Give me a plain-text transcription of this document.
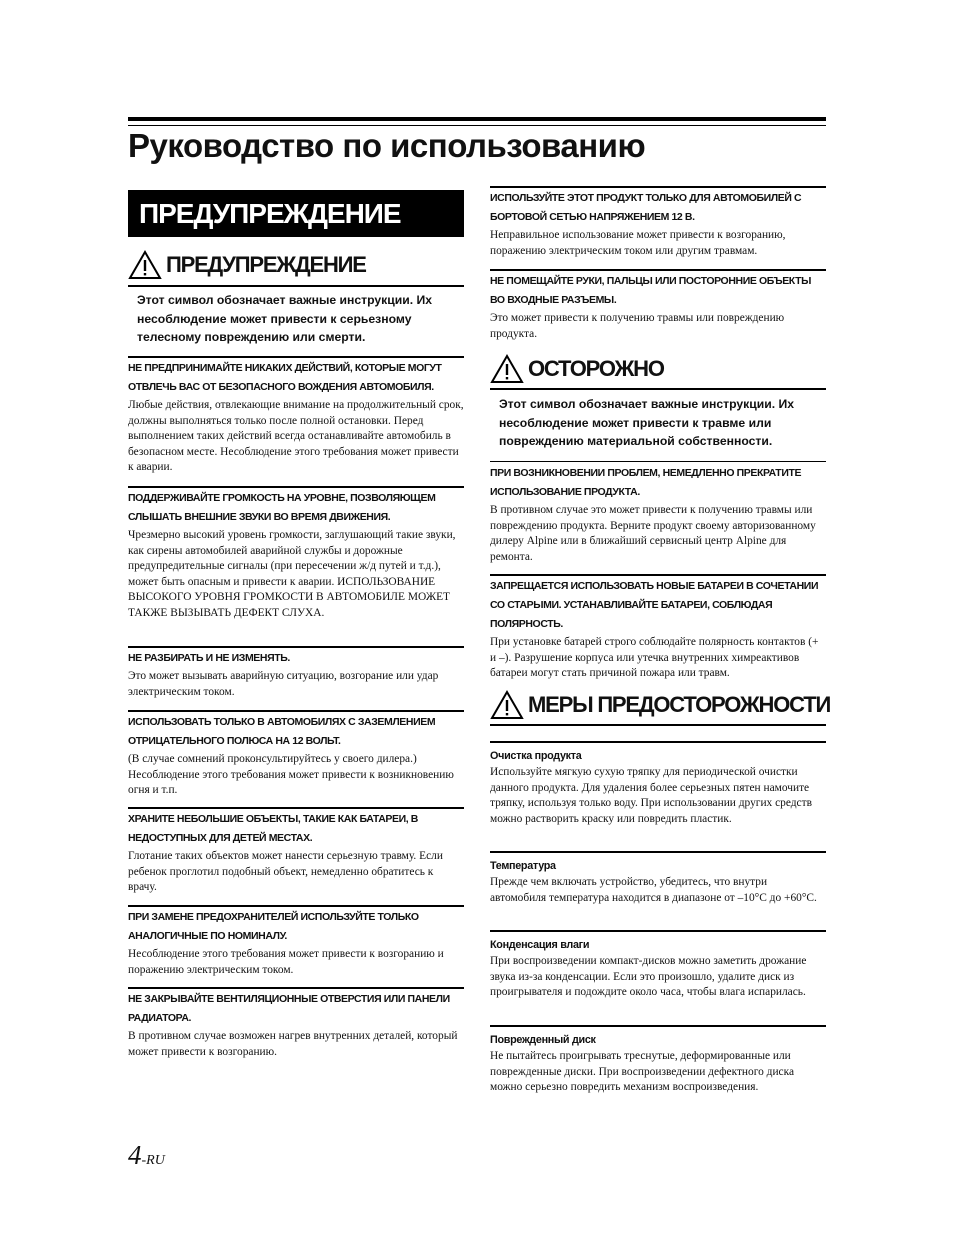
Руководство по использованию
ПРЕДУПРЕЖДЕНИЕ
ПРЕДУПРЕЖДЕНИЕ
Этот символ обозначает важные инструкции. Их несоблюдение может привести к серьезному телесному повреждению или смерти.
НЕ ПРЕДПРИНИМАЙТЕ НИКАКИХ ДЕЙСТВИЙ, КОТОРЫЕ МОГУТ ОТВЛЕЧЬ ВАС ОТ БЕЗОПАСНОГО ВОЖДЕНИЯ АВТОМОБИЛЯ.
Любые действия, отвлекающие внимание на продолжительный срок, должны выполняться только после полной остановки. Перед выполнением таких действий всегда останавливайте автомобиль в безопасном месте. Несоблюдение этого требования может привести к аварии.
ПОДДЕРЖИВАЙТЕ ГРОМКОСТЬ НА УРОВНЕ, ПОЗВОЛЯЮЩЕМ СЛЫШАТЬ ВНЕШНИЕ ЗВУКИ ВО ВРЕМЯ ДВИЖЕНИЯ.
Чрезмерно высокий уровень громкости, заглушающий такие звуки, как сирены автомобилей аварийной службы и дорожные предупредительные сигналы (при пересечении ж/д путей и т.д.), может быть опасным и привести к аварии. ИСПОЛЬЗОВАНИЕ ВЫСОКОГО УРОВНЯ ГРОМКОСТИ В АВТОМОБИЛЕ МОЖЕТ ТАКЖЕ ВЫЗЫВАТЬ ДЕФЕКТ СЛУХА.
НЕ РАЗБИРАТЬ И НЕ ИЗМЕНЯТЬ.
Это может вызывать аварийную ситуацию, возгорание или удар электрическим током.
ИСПОЛЬЗОВАТЬ ТОЛЬКО В АВТОМОБИЛЯХ С ЗАЗЕМЛЕНИЕМ ОТРИЦАТЕЛЬНОГО ПОЛЮСА НА 12 ВОЛЬТ.
(В случае сомнений проконсультируйтесь у своего дилера.) Несоблюдение этого требования может привести к возникновению огня и т.п.
ХРАНИТЕ НЕБОЛЬШИЕ ОБЪЕКТЫ, ТАКИЕ КАК БАТАРЕИ, В НЕДОСТУПНЫХ ДЛЯ ДЕТЕЙ МЕСТАХ.
Глотание таких объектов может нанести серьезную травму. Если ребенок проглотил подобный объект, немедленно обратитесь к врачу.
ПРИ ЗАМЕНЕ ПРЕДОХРАНИТЕЛЕЙ ИСПОЛЬЗУЙТЕ ТОЛЬКО АНАЛОГИЧНЫЕ ПО НОМИНАЛУ.
Несоблюдение этого требования может привести к возгоранию и поражению электрическим током.
НЕ ЗАКРЫВАЙТЕ ВЕНТИЛЯЦИОННЫЕ ОТВЕРСТИЯ ИЛИ ПАНЕЛИ РАДИАТОРА.
В противном случае возможен нагрев внутренних деталей, который может привести к возгоранию.
ИСПОЛЬЗУЙТЕ ЭТОТ ПРОДУКТ ТОЛЬКО ДЛЯ АВТОМОБИЛЕЙ С БОРТОВОЙ СЕТЬЮ НАПРЯЖЕНИЕМ 12 В.
Неправильное использование может привести к возгоранию, поражению электрическим током или другим травмам.
НЕ ПОМЕЩАЙТЕ РУКИ, ПАЛЬЦЫ ИЛИ ПОСТОРОННИЕ ОБЪЕКТЫ ВО ВХОДНЫЕ РАЗЪЕМЫ.
Это может привести к получению травмы или повреждению продукта.
ОСТОРОЖНО
Этот символ обозначает важные инструкции. Их несоблюдение может привести к травме или повреждению материальной собственности.
ПРИ ВОЗНИКНОВЕНИИ ПРОБЛЕМ, НЕМЕДЛЕННО ПРЕКРАТИТЕ ИСПОЛЬЗОВАНИЕ ПРОДУКТА.
В противном случае это может привести к получению травмы или повреждению продукта. Верните продукт своему авторизованному дилеру Alpine или в ближайший сервисный центр Alpine для ремонта.
ЗАПРЕЩАЕТСЯ ИСПОЛЬЗОВАТЬ НОВЫЕ БАТАРЕИ В СОЧЕТАНИИ СО СТАРЫМИ. УСТАНАВЛИВАЙТЕ БАТАРЕИ, СОБЛЮДАЯ ПОЛЯРНОСТЬ.
При установке батарей строго соблюдайте полярность контактов (+ и –). Разрушение корпуса или утечка внутренних химреактивов батареи могут стать причиной пожара или травм.
МЕРЫ ПРЕДОСТОРОЖНОСТИ
Очистка продукта
Используйте мягкую сухую тряпку для периодической очистки данного продукта. Для удаления более серьезных пятен намочите тряпку, используя только воду. При использовании других средств можно растворить краску или повредить пластик.
Температура
Прежде чем включать устройство, убедитесь, что внутри автомобиля температура находится в диапазоне от –10°C до +60°C.
Конденсация влаги
При воспроизведении компакт-дисков можно заметить дрожание звука из-за конденсации. Если это произошло, удалите диск из проигрывателя и подождите около часа, чтобы влага испарилась.
Поврежденный диск
Не пытайтесь проигрывать треснутые, деформированные или поврежденные диски. При воспроизведении дефектного диска можно серьезно повредить механизм воспроизведения.
4-RU
